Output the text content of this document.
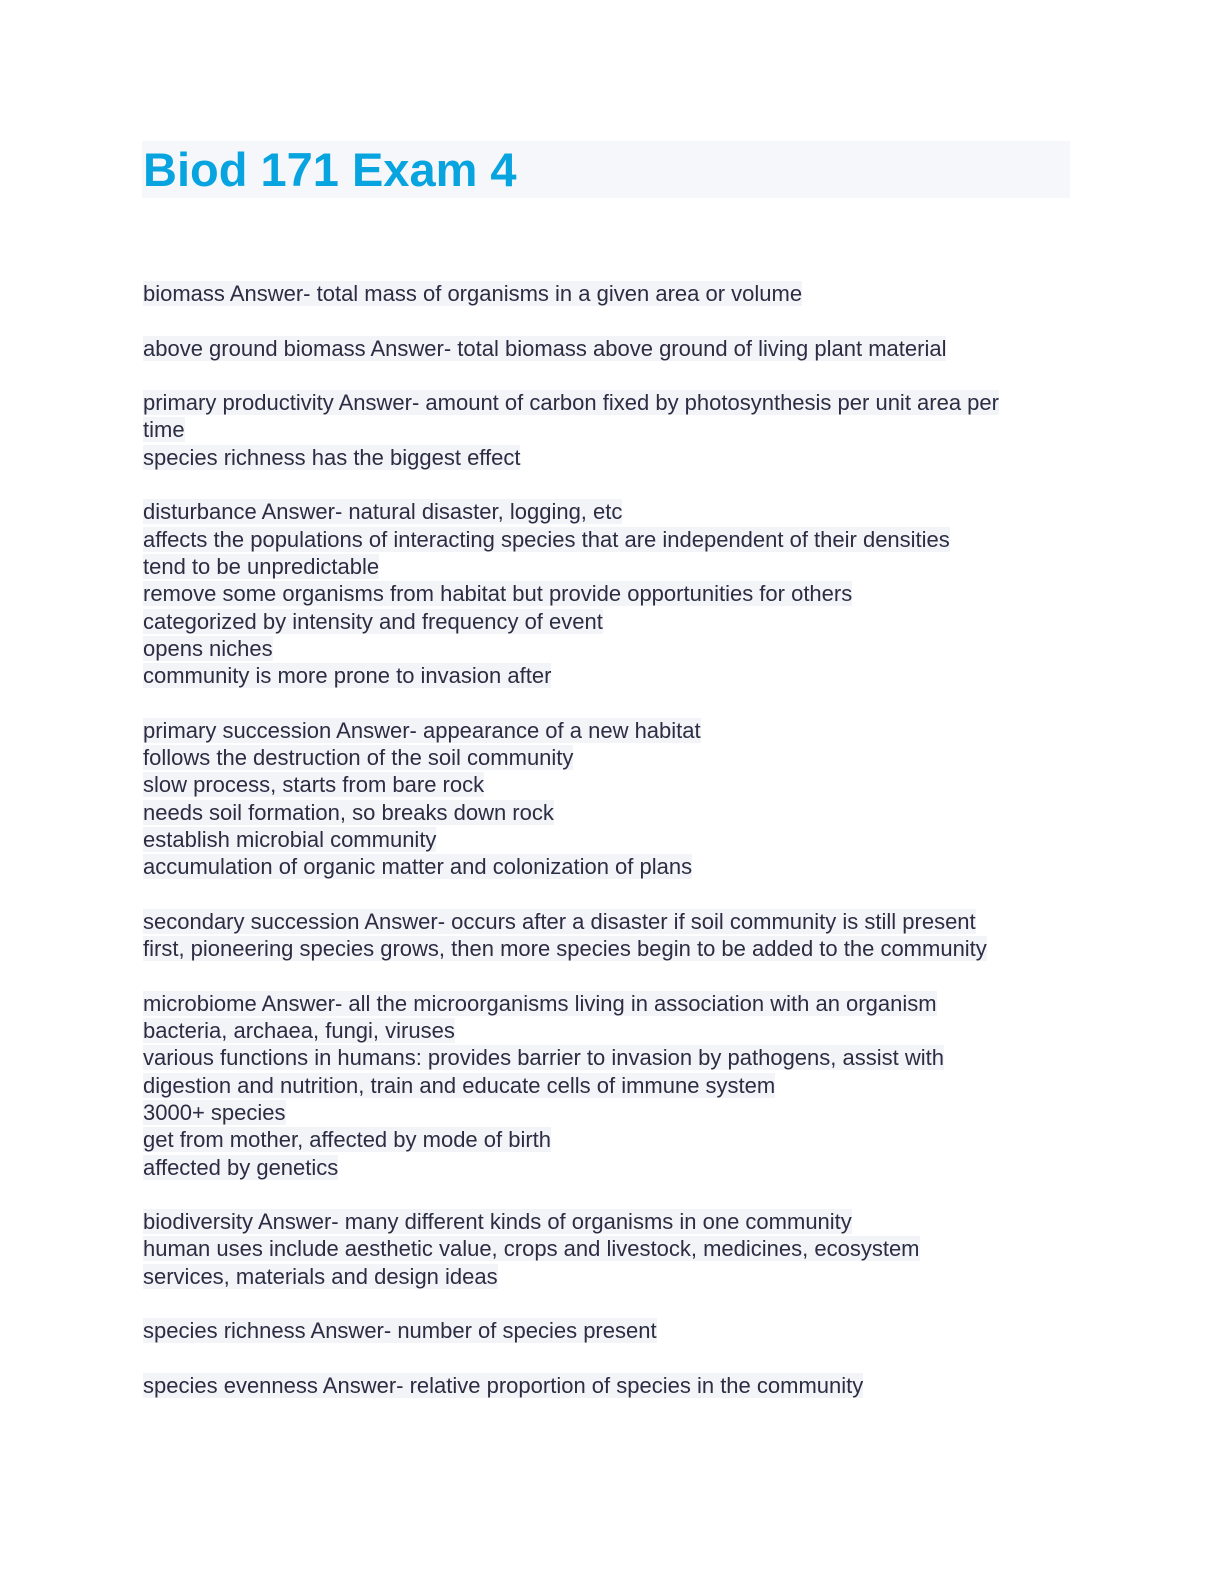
Biod 171 Exam 4
biomass Answer- total mass of organisms in a given area or volume
above ground biomass Answer- total biomass above ground of living plant material
primary productivity Answer- amount of carbon fixed by photosynthesis per unit area per
time
species richness has the biggest effect
disturbance Answer- natural disaster, logging, etc
affects the populations of interacting species that are independent of their densities
tend to be unpredictable
remove some organisms from habitat but provide opportunities for others
categorized by intensity and frequency of event
opens niches
community is more prone to invasion after
primary succession Answer- appearance of a new habitat
follows the destruction of the soil community
slow process, starts from bare rock
needs soil formation, so breaks down rock
establish microbial community
accumulation of organic matter and colonization of plans
secondary succession Answer- occurs after a disaster if soil community is still present
first, pioneering species grows, then more species begin to be added to the community
microbiome Answer- all the microorganisms living in association with an organism
bacteria, archaea, fungi, viruses
various functions in humans: provides barrier to invasion by pathogens, assist with
digestion and nutrition, train and educate cells of immune system
3000+ species
get from mother, affected by mode of birth
affected by genetics
biodiversity Answer- many different kinds of organisms in one community
human uses include aesthetic value, crops and livestock, medicines, ecosystem
services, materials and design ideas
species richness Answer- number of species present
species evenness Answer- relative proportion of species in the community
